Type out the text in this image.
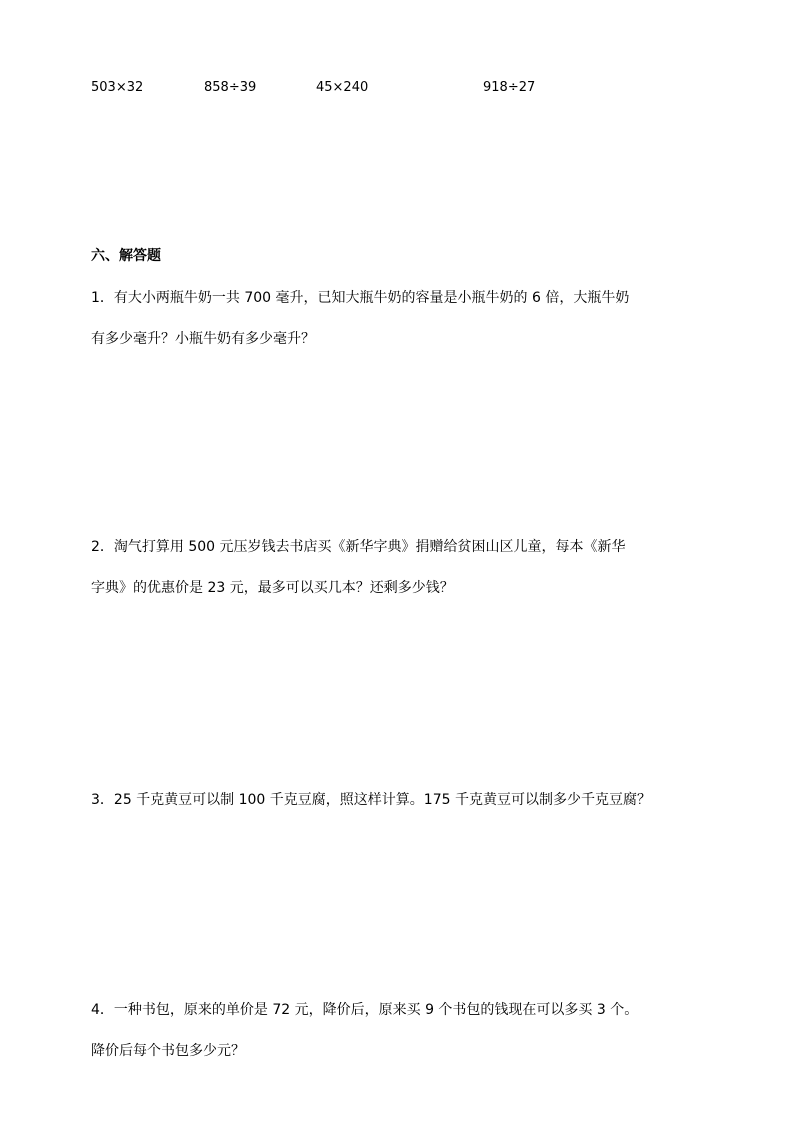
503×32	858÷39	45×240	918÷27
六、解答题
1．有大小两瓶牛奶一共 700 毫升，已知大瓶牛奶的容量是小瓶牛奶的 6 倍，大瓶牛奶
有多少毫升？小瓶牛奶有多少毫升？
2．淘气打算用 500 元压岁钱去书店买《新华字典》捐赠给贫困山区儿童，每本《新华
字典》的优惠价是 23 元，最多可以买几本？还剩多少钱？
3．25 千克黄豆可以制 100 千克豆腐，照这样计算。175 千克黄豆可以制多少千克豆腐？
4．一种书包，原来的单价是 72 元，降价后，原来买 9 个书包的钱现在可以多买 3 个。
降价后每个书包多少元？
